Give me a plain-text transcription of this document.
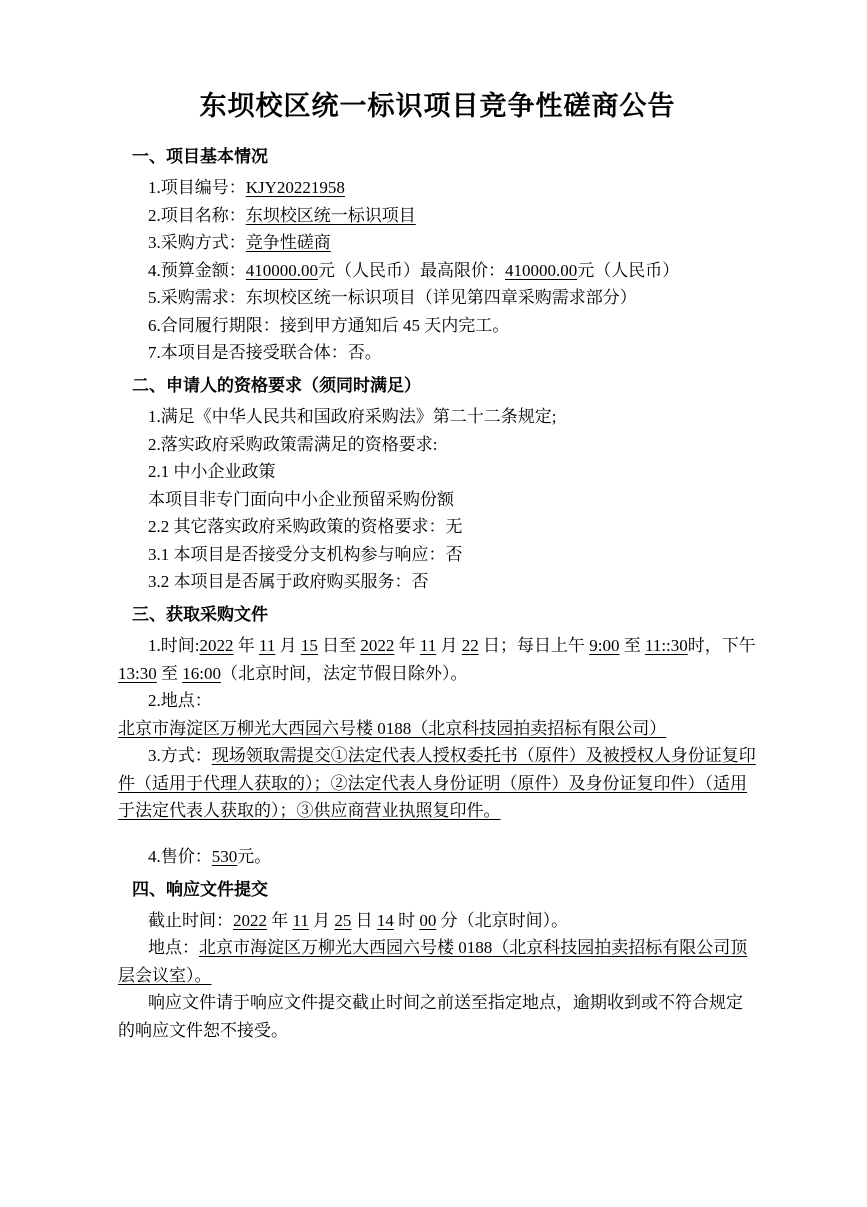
东坝校区统一标识项目竞争性磋商公告
一、项目基本情况

1.项目编号：KJY20221958

2.项目名称：东坝校区统一标识项目

3.采购方式：竞争性磋商

4.预算金额：410000.00元（人民币）最高限价：410000.00元（人民币）

5.采购需求：东坝校区统一标识项目（详见第四章采购需求部分）

6.合同履行期限：接到甲方通知后 45 天内完工。

7.本项目是否接受联合体：否。

二、申请人的资格要求（须同时满足）

1.满足《中华人民共和国政府采购法》第二十二条规定;

2.落实政府采购政策需满足的资格要求:

2.1 中小企业政策

本项目非专门面向中小企业预留采购份额

2.2 其它落实政府采购政策的资格要求：无

3.1 本项目是否接受分支机构参与响应：否

3.2 本项目是否属于政府购买服务：否

三、获取采购文件

1.时间:2022 年 11 月 15 日至 2022 年 11 月 22 日；每日上午 9:00 至 11::30时，下午 13:30 至 16:00（北京时间，法定节假日除外）。

2.地点：北京市海淀区万柳光大西园六号楼 0188（北京科技园拍卖招标有限公司）

3.方式：现场领取需提交①法定代表人授权委托书（原件）及被授权人身份证复印件（适用于代理人获取的）；②法定代表人身份证明（原件）及身份证复印件）（适用于法定代表人获取的）；③供应商营业执照复印件。

4.售价：530元。

四、响应文件提交

截止时间：2022 年 11 月 25 日 14 时 00 分（北京时间）。

地点：北京市海淀区万柳光大西园六号楼 0188（北京科技园拍卖招标有限公司顶层会议室）。

响应文件请于响应文件提交截止时间之前送至指定地点，逾期收到或不符合规定的响应文件恕不接受。
